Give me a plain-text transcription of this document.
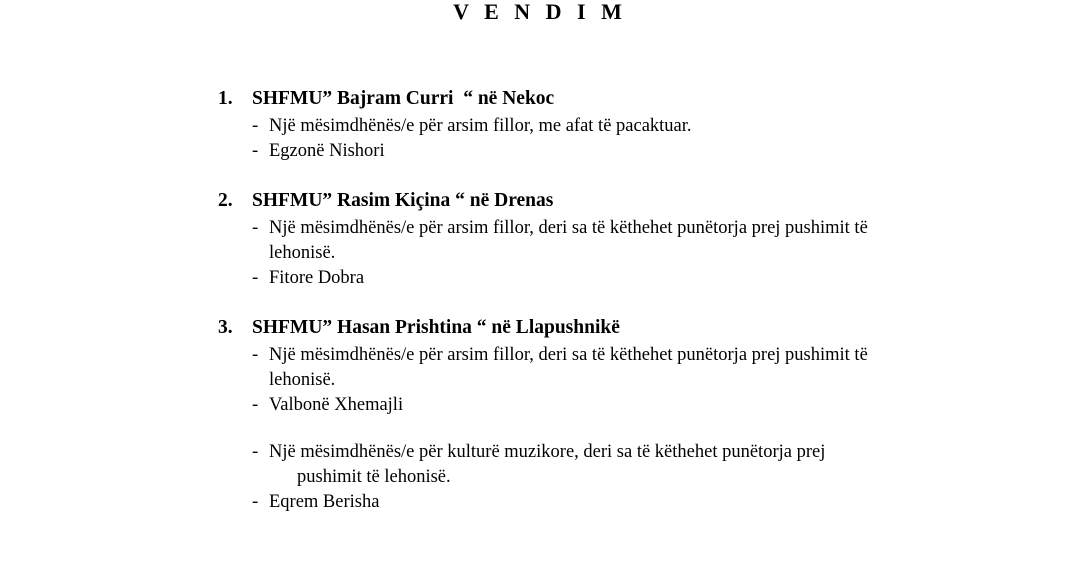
V E N D I M
1. SHFMU” Bajram Curri  “ në Nekoc
- Një mësimdhënës/e për arsim fillor, me afat të pacaktuar.
- Egzonë Nishori
2. SHFMU” Rasim Kiçina “ në Drenas
- Një mësimdhënës/e për arsim fillor, deri sa të këthehet punëtorja prej pushimit të
lehonisë.
- Fitore Dobra
3. SHFMU” Hasan Prishtina “ në Llapushnikë
- Një mësimdhënës/e për arsim fillor, deri sa të këthehet punëtorja prej pushimit të
lehonisë.
- Valbonë Xhemajli
- Një mësimdhënës/e për kulturë muzikore, deri sa të këthehet punëtorja prej
pushimit të lehonisë.
- Eqrem Berisha
